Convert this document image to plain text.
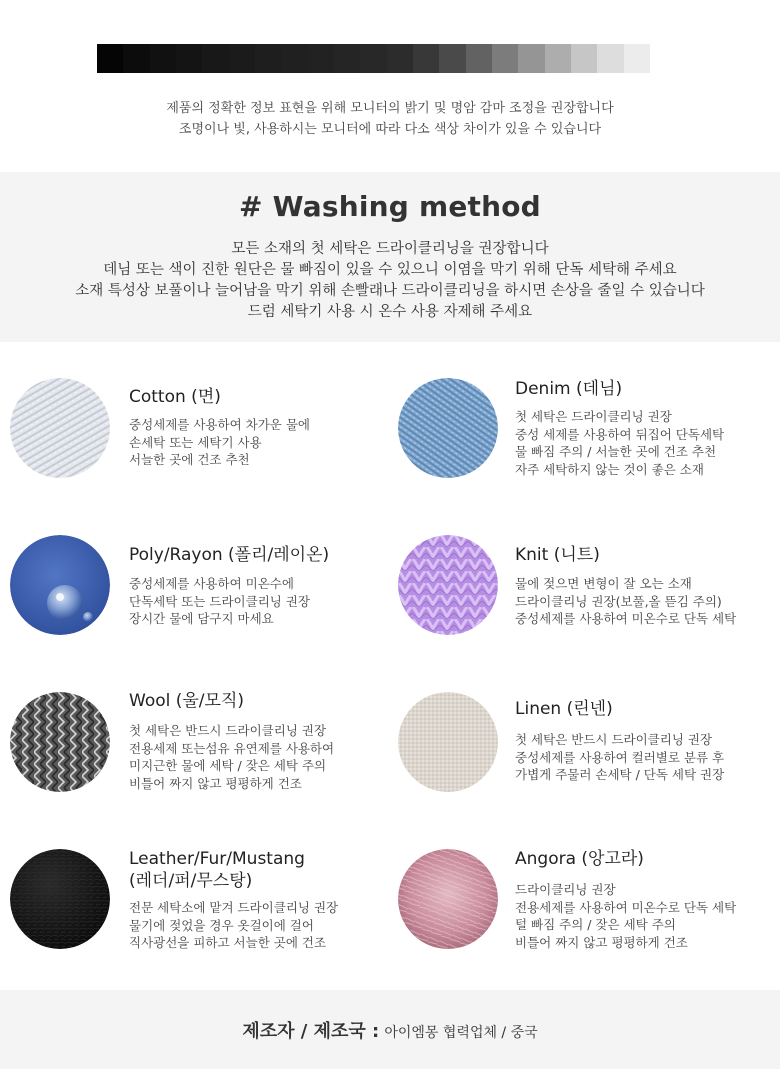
제품의 정확한 정보 표현을 위해 모니터의 밝기 및 명암 감마 조정을 권장합니다
조명이나 빛, 사용하시는 모니터에 따라 다소 색상 차이가 있을 수 있습니다
# Washing method
모든 소재의 첫 세탁은 드라이클리닝을 권장합니다
데님 또는 색이 진한 원단은 물 빠짐이 있을 수 있으니 이염을 막기 위해 단독 세탁해 주세요
소재 특성상 보풀이나 늘어남을 막기 위해 손빨래나 드라이클리닝을 하시면 손상을 줄일 수 있습니다
드럼 세탁기 사용 시 온수 사용 자제해 주세요
Cotton (면)
중성세제를 사용하여 차가운 물에
손세탁 또는 세탁기 사용
서늘한 곳에 건조 추천
Denim (데님)
첫 세탁은 드라이클리닝 권장
중성 세제를 사용하여 뒤집어 단독세탁
물 빠짐 주의 / 서늘한 곳에 건조 추천
자주 세탁하지 않는 것이 좋은 소재
Poly/Rayon (폴리/레이온)
중성세제를 사용하여 미온수에
단독세탁 또는 드라이클리닝 권장
장시간 물에 담구지 마세요
Knit (니트)
물에 젖으면 변형이 잘 오는 소재
드라이클리닝 권장(보풀,올 뜯김 주의)
중성세제를 사용하여 미온수로 단독 세탁
Wool (울/모직)
첫 세탁은 반드시 드라이클리닝 권장
전용세제 또는섬유 유연제를 사용하여
미지근한 물에 세탁 / 잦은 세탁 주의
비틀어 짜지 않고 평평하게 건조
Linen (린넨)
첫 세탁은 반드시 드라이클리닝 권장
중성세제를 사용하여 컬러별로 분류 후
가볍게 주물러 손세탁 / 단독 세탁 권장
Leather/Fur/Mustang
(레더/퍼/무스탕)
전문 세탁소에 맡겨 드라이클리닝 권장
물기에 젖었을 경우 옷걸이에 걸어
직사광선을 피하고 서늘한 곳에 건조
Angora (앙고라)
드라이클리닝 권장
전용세제를 사용하여 미온수로 단독 세탁
털 빠짐 주의 / 잦은 세탁 주의
비틀어 짜지 않고 평평하게 건조
제조자 / 제조국 : 아이엠몽 협력업체 / 중국
